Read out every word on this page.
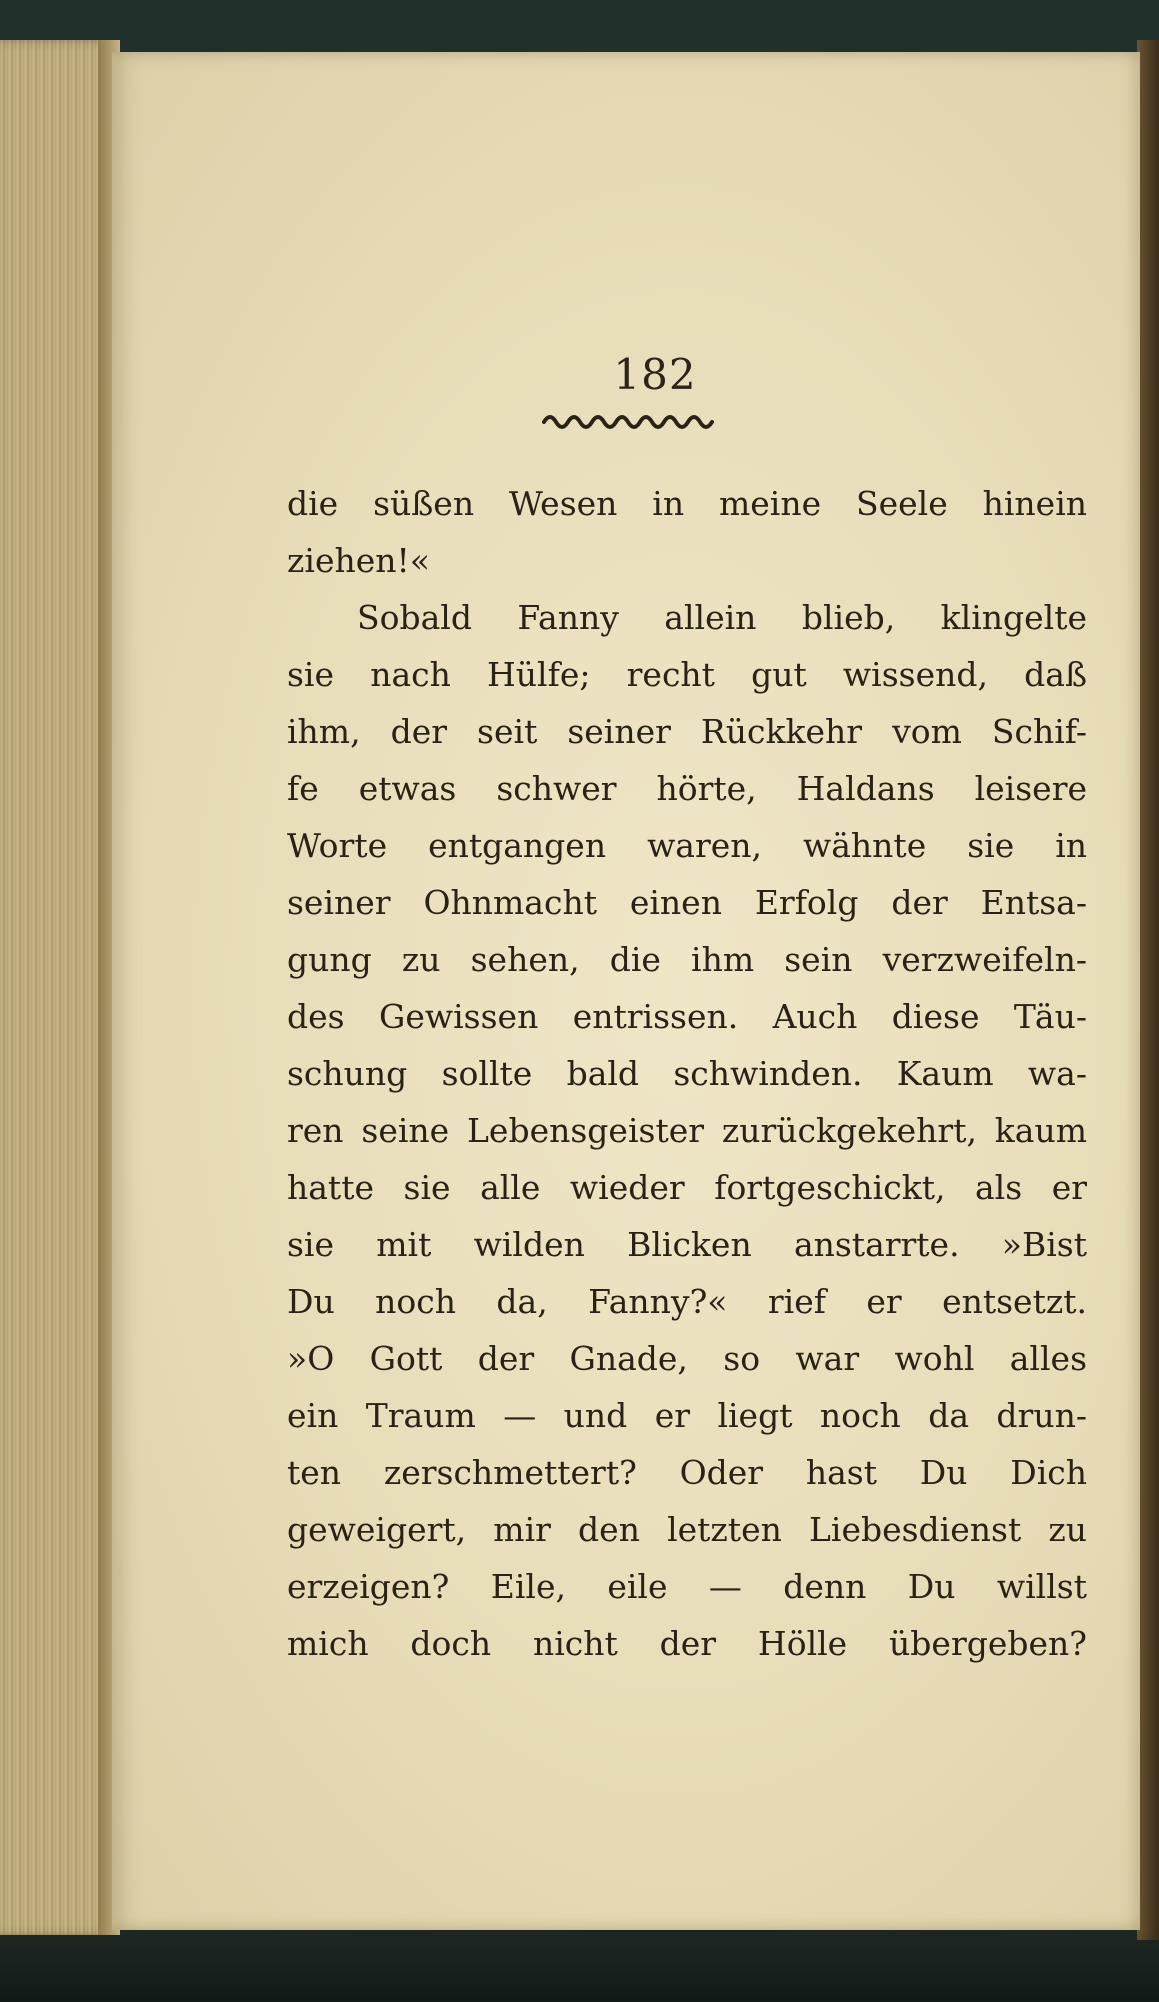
182
die süßen Wesen in meine Seele hinein
ziehen!«
Sobald Fanny allein blieb, klingelte
sie nach Hülfe; recht gut wissend, daß
ihm, der seit seiner Rückkehr vom Schif-
fe etwas schwer hörte, Haldans leisere
Worte entgangen waren, wähnte sie in
seiner Ohnmacht einen Erfolg der Entsa-
gung zu sehen, die ihm sein verzweifeln-
des Gewissen entrissen. Auch diese Täu-
schung sollte bald schwinden. Kaum wa-
ren seine Lebensgeister zurückgekehrt, kaum
hatte sie alle wieder fortgeschickt, als er
sie mit wilden Blicken anstarrte. »Bist
Du noch da, Fanny?« rief er entsetzt.
»O Gott der Gnade, so war wohl alles
ein Traum — und er liegt noch da drun-
ten zerschmettert? Oder hast Du Dich
geweigert, mir den letzten Liebesdienst zu
erzeigen? Eile, eile — denn Du willst
mich doch nicht der Hölle übergeben?
